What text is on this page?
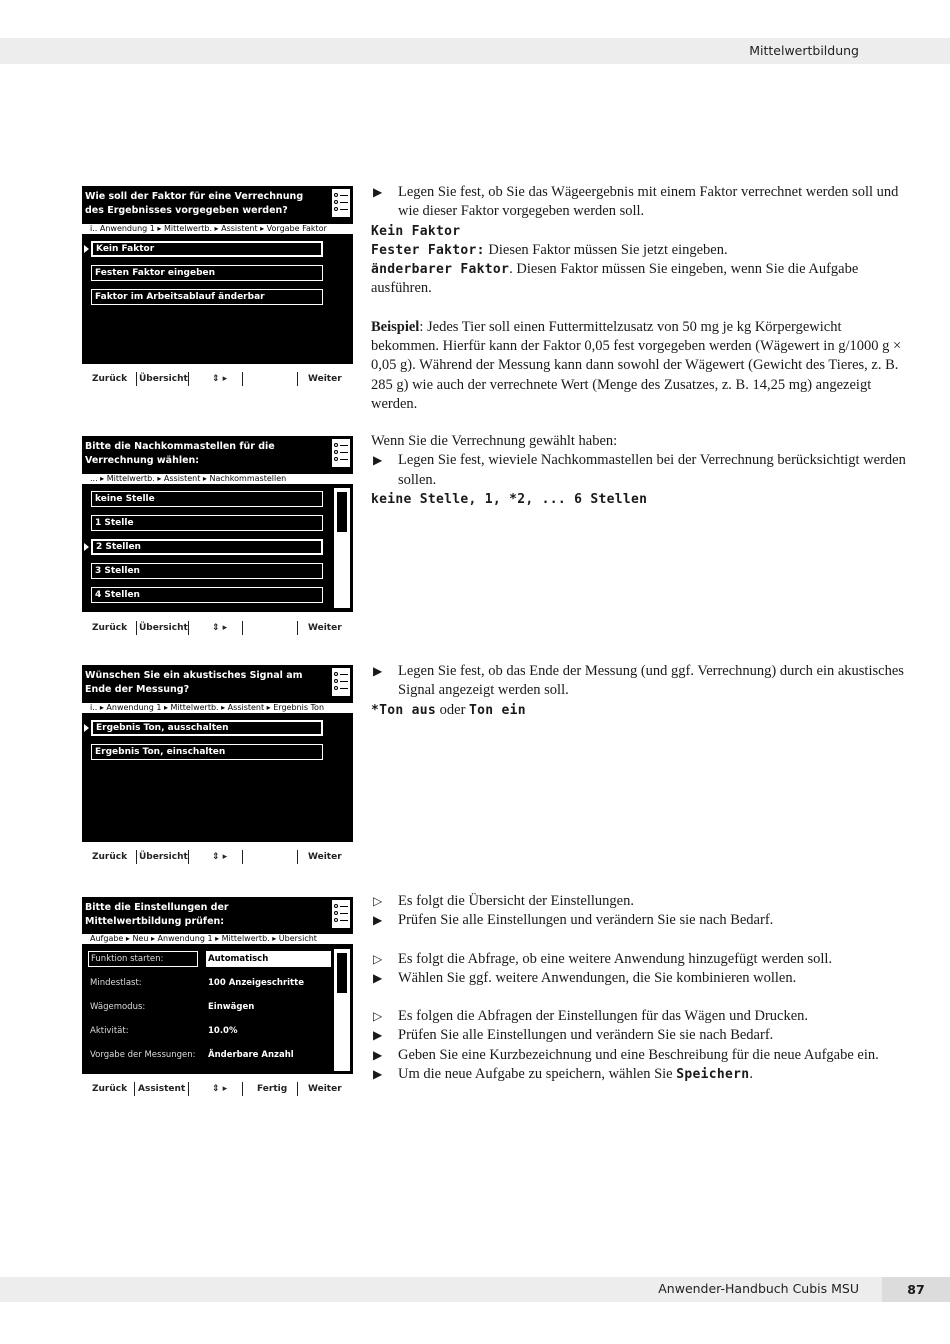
Mittelwertbildung
Anwender-Handbuch Cubis MSU	87
Wie soll der Faktor für eine Verrechnung des Ergebnisses vorgegeben werden?
i.. Anwendung 1 ▸ Mittelwertb. ▸ Assistent ▸ Vorgabe Faktor
Kein Faktor
Festen Faktor eingeben
Faktor im Arbeitsablauf änderbar
Zurück Übersicht	⇕ ▸	Weiter
Bitte die Nachkommastellen für die Verrechnung wählen:
... ▸ Mittelwertb. ▸ Assistent ▸ Nachkommastellen
keine Stelle
1 Stelle
2 Stellen
3 Stellen
4 Stellen
Zurück Übersicht	⇕ ▸	Weiter
Wünschen Sie ein akustisches Signal am Ende der Messung?
i.. ▸ Anwendung 1 ▸ Mittelwertb. ▸ Assistent ▸ Ergebnis Ton
Ergebnis Ton, ausschalten
Ergebnis Ton, einschalten
Zurück Übersicht	⇕ ▸	Weiter
Bitte die Einstellungen der Mittelwertbildung prüfen:
Aufgabe ▸ Neu ▸ Anwendung 1 ▸ Mittelwertb. ▸ Übersicht
Funktion starten:	Automatisch
Mindestlast:	100 Anzeigeschritte
Wägemodus:	Einwägen
Aktivität:	10.0%
Vorgabe der Messungen: Änderbare Anzahl
Zurück Assistent	⇕ ▸	Fertig Weiter
▶ Legen Sie fest, ob Sie das Wägeergebnis mit einem Faktor verrechnet werden soll und wie dieser Faktor vorgegeben werden soll.
Kein Faktor
Fester Faktor: Diesen Faktor müssen Sie jetzt eingeben.
änderbarer Faktor. Diesen Faktor müssen Sie eingeben, wenn Sie die Aufgabe ausführen.
Beispiel: Jedes Tier soll einen Futtermittelzusatz von 50 mg je kg Körpergewicht bekommen. Hierfür kann der Faktor 0,05 fest vorgegeben werden (Wägewert in g/1000 g × 0,05 g). Während der Messung kann dann sowohl der Wägewert (Gewicht des Tieres, z. B. 285 g) wie auch der verrechnete Wert (Menge des Zusatzes, z. B. 14,25 mg) angezeigt werden.
Wenn Sie die Verrechnung gewählt haben:
▶ Legen Sie fest, wieviele Nachkommastellen bei der Verrechnung berücksichtigt werden sollen.
keine Stelle, 1, *2, ... 6 Stellen
▶ Legen Sie fest, ob das Ende der Messung (und ggf. Verrechnung) durch ein akustisches Signal angezeigt werden soll.
*Ton aus oder Ton ein
▷ Es folgt die Übersicht der Einstellungen.
▶ Prüfen Sie alle Einstellungen und verändern Sie sie nach Bedarf.
▷ Es folgt die Abfrage, ob eine weitere Anwendung hinzugefügt werden soll.
▶ Wählen Sie ggf. weitere Anwendungen, die Sie kombinieren wollen.
▷ Es folgen die Abfragen der Einstellungen für das Wägen und Drucken.
▶ Prüfen Sie alle Einstellungen und verändern Sie sie nach Bedarf.
▶ Geben Sie eine Kurzbezeichnung und eine Beschreibung für die neue Aufgabe ein.
▶ Um die neue Aufgabe zu speichern, wählen Sie Speichern.
